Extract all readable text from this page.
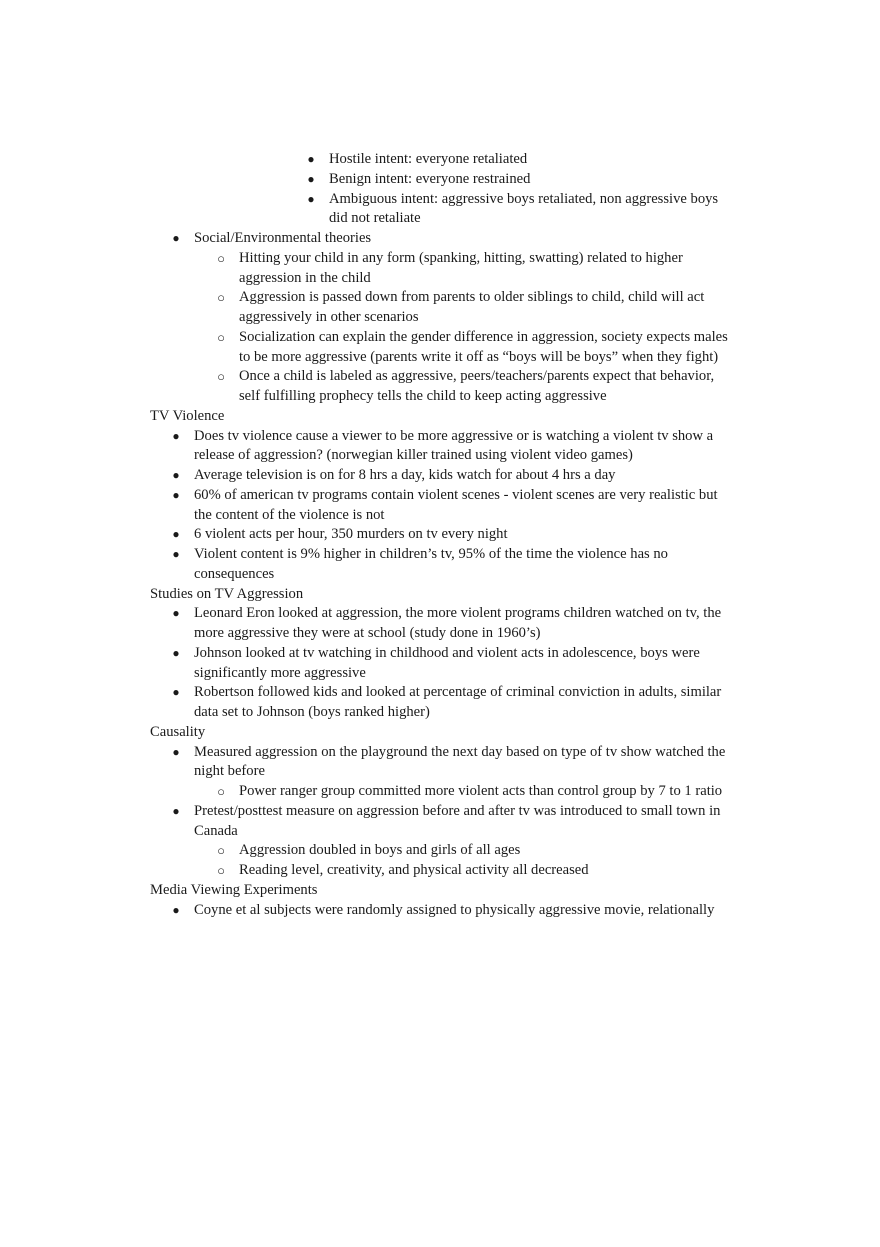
● Hostile intent: everyone retaliated
● Benign intent: everyone restrained
● Ambiguous intent: aggressive boys retaliated, non aggressive boys did not retaliate
● Social/Environmental theories
○ Hitting your child in any form (spanking, hitting, swatting) related to higher aggression in the child
○ Aggression is passed down from parents to older siblings to child, child will act aggressively in other scenarios
○ Socialization can explain the gender difference in aggression, society expects males to be more aggressive (parents write it off as “boys will be boys” when they fight)
○ Once a child is labeled as aggressive, peers/teachers/parents expect that behavior, self fulfilling prophecy tells the child to keep acting aggressive
TV Violence
● Does tv violence cause a viewer to be more aggressive or is watching a violent tv show a release of aggression? (norwegian killer trained using violent video games)
● Average television is on for 8 hrs a day, kids watch for about 4 hrs a day
● 60% of american tv programs contain violent scenes - violent scenes are very realistic but the content of the violence is not
● 6 violent acts per hour, 350 murders on tv every night
● Violent content is 9% higher in children’s tv, 95% of the time the violence has no consequences
Studies on TV Aggression
● Leonard Eron looked at aggression, the more violent programs children watched on tv, the more aggressive they were at school (study done in 1960’s)
● Johnson looked at tv watching in childhood and violent acts in adolescence, boys were significantly more aggressive
● Robertson followed kids and looked at percentage of criminal conviction in adults, similar data set to Johnson (boys ranked higher)
Causality
● Measured aggression on the playground the next day based on type of tv show watched the night before
○ Power ranger group committed more violent acts than control group by 7 to 1 ratio
● Pretest/posttest measure on aggression before and after tv was introduced to small town in Canada
○ Aggression doubled in boys and girls of all ages
○ Reading level, creativity, and physical activity all decreased
Media Viewing Experiments
● Coyne et al subjects were randomly assigned to physically aggressive movie, relationally
